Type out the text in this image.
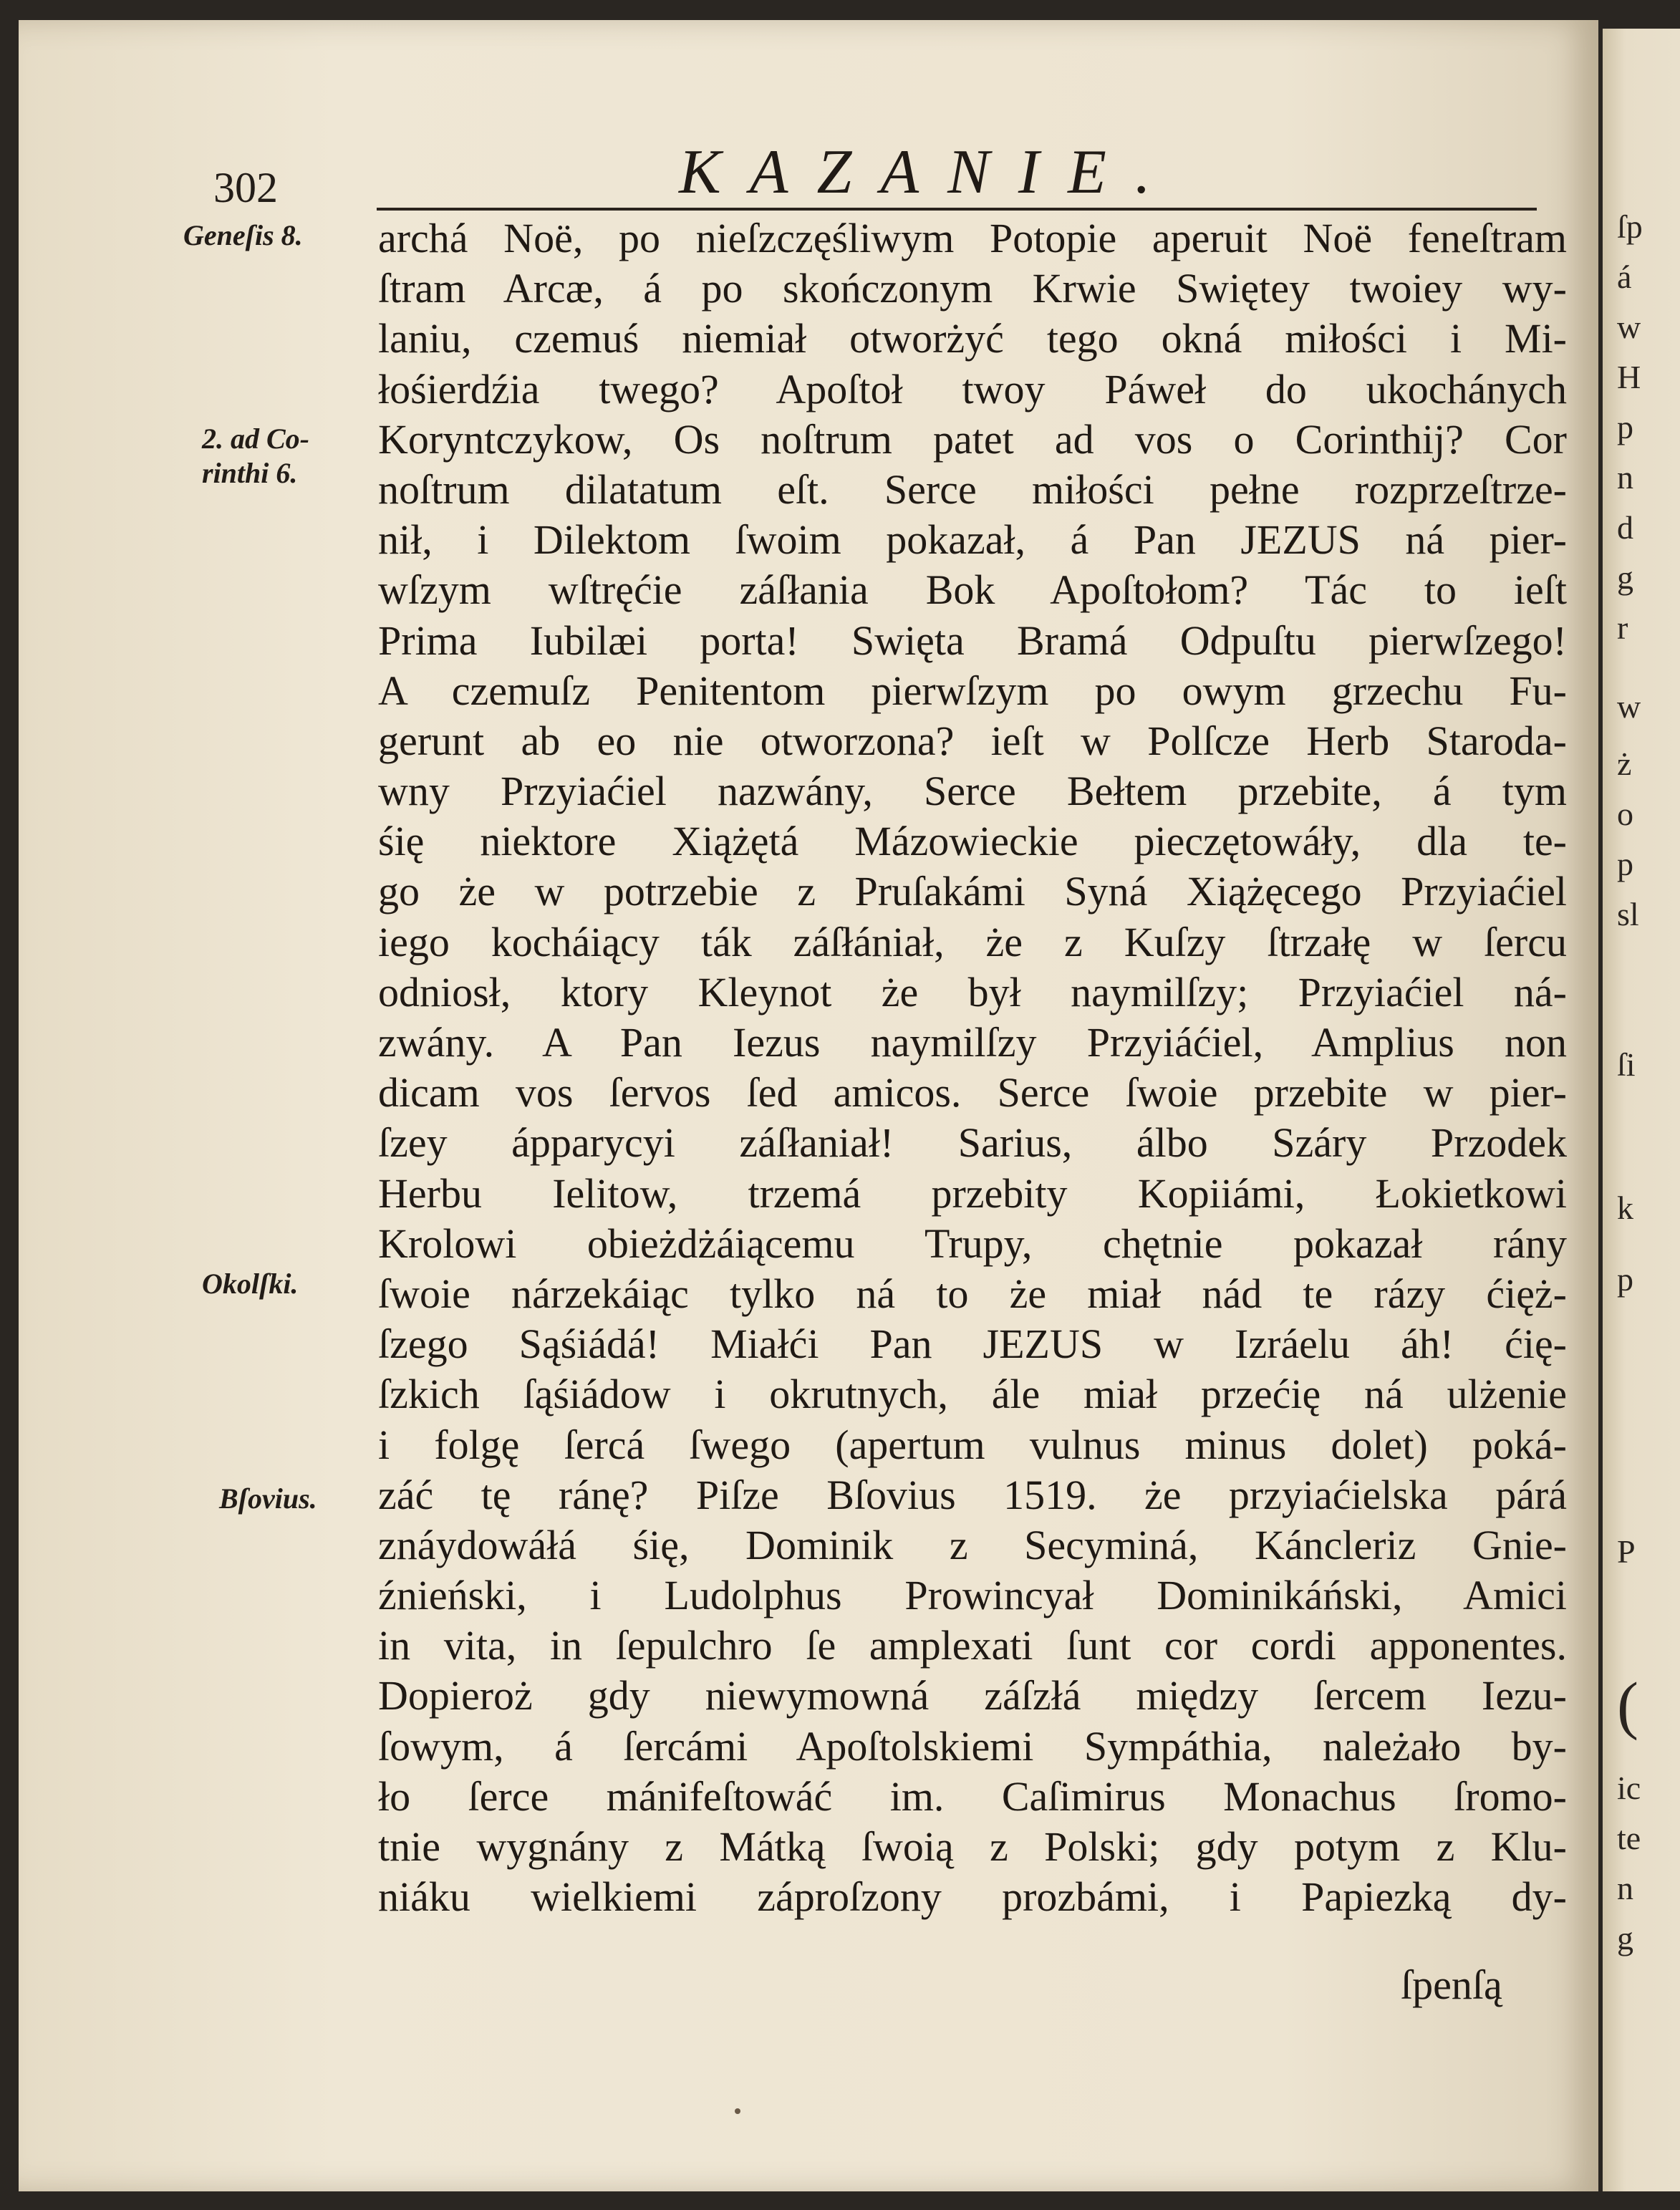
302	KAZANIE.
Geneſis 8.
2. ad Co-
rinthi 6.
Okolſki.
Bſovius.
archá Noë, po nieſzczęśliwym Potopie aperuit Noë feneſtram
ſtram Arcæ, á po skończonym Krwie Swiętey twoiey wy-
laniu, czemuś niemiał otworżyć tego okná miłości i Mi-
łośierdźia twego? Apoſtoł twoy Páweł do ukochánych
Koryntczykow, Os noſtrum patet ad vos o Corinthij? Cor
noſtrum dilatatum eſt. Serce miłości pełne rozprzeſtrze-
nił, i Dilektom ſwoim pokazał, á Pan JEZUS ná pier-
wſzym wſtręćie záſłania Bok Apoſtołom? Tác to ieſt
Prima Iubilæi porta! Swięta Bramá Odpuſtu pierwſzego!
A czemuſz Penitentom pierwſzym po owym grzechu Fu-
gerunt ab eo nie otworzona? ieſt w Polſcze Herb Staroda-
wny Przyiaćiel nazwány, Serce Bełtem przebite, á tym
śię niektore Xiążętá Mázowieckie pieczętowáły, dla te-
go że w potrzebie z Pruſakámi Syná Xiążęcego Przyiaćiel
iego kocháiący ták záſłániał, że z Kuſzy ſtrzałę w ſercu
odniosł, ktory Kleynot że był naymilſzy; Przyiaćiel ná-
zwány. A Pan Iezus naymilſzy Przyiáćiel, Amplius non
dicam vos ſervos ſed amicos. Serce ſwoie przebite w pier-
ſzey ápparycyi záſłaniał! Sarius, álbo Száry Przodek
Herbu Ielitow, trzemá przebity Kopiiámi, Łokietkowi
Krolowi obieżdżáiącemu Trupy, chętnie pokazał rány
ſwoie nárzekáiąc tylko ná to że miał nád te rázy ćięż-
ſzego Sąśiádá! Miałći Pan JEZUS w Izráelu áh! ćię-
ſzkich ſąśiádow i okrutnych, ále miał przećię ná ulżenie
i folgę ſercá ſwego (apertum vulnus minus dolet) poká-
záć tę ránę? Piſze Bſovius 1519. że przyiaćielska párá
znáydowáłá śię, Dominik z Secyminá, Káncleriz Gnie-
źnieński, i Ludolphus Prowincyał Dominikáński, Amici
in vita, in ſepulchro ſe amplexati ſunt cor cordi apponentes.
Dopieroż gdy niewymowná záſzłá między ſercem Iezu-
ſowym, á ſercámi Apoſtolskiemi Sympáthia, należało by-
ło ſerce mánifeſtowáć im. Caſimirus Monachus ſromo-
tnie wygnány z Mátką ſwoią z Polski; gdy potym z Klu-
niáku wielkiemi záproſzony prozbámi, i Papiezką dy-
ſpenſą
ſp
á
w
H
p
n
d
g
r
w
ż
o
p
sl
ſi
k
p
P
(
ic
te
n
g
